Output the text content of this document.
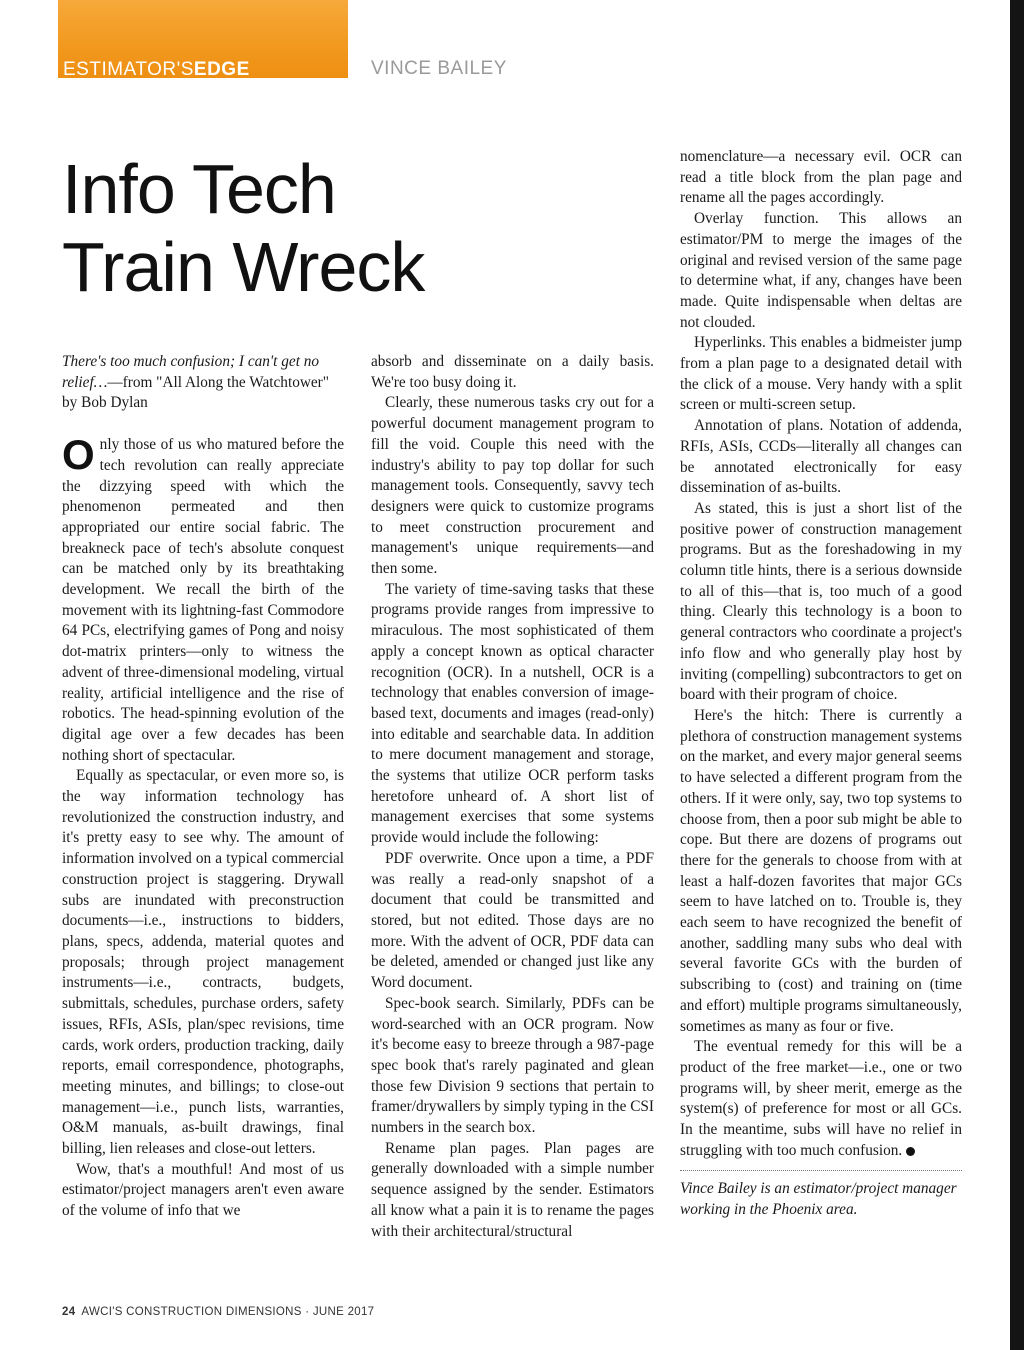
ESTIMATOR'SEDGE	VINCE BAILEY
Info Tech
Train Wreck

There's too much confusion; I can't get no relief…—from "All Along the Watchtower" by Bob Dylan

Only those of us who matured before the tech revolution can really appreciate the dizzying speed with which the phenomenon permeated and then appropriated our entire social fabric. The breakneck pace of tech's absolute conquest can be matched only by its breathtaking development. We recall the birth of the movement with its lightning-fast Commodore 64 PCs, electrifying games of Pong and noisy dot-matrix printers—only to witness the advent of three-dimensional modeling, virtual reality, artificial intelligence and the rise of robotics. The head-spinning evolution of the digital age over a few decades has been nothing short of spectacular.

Equally as spectacular, or even more so, is the way information technology has revolutionized the construction industry, and it's pretty easy to see why. The amount of information involved on a typical commercial construction project is staggering. Drywall subs are inundated with preconstruction documents—i.e., instructions to bidders, plans, specs, addenda, material quotes and proposals; through project management instruments—i.e., contracts, budgets, submittals, schedules, purchase orders, safety issues, RFIs, ASIs, plan/spec revisions, time cards, work orders, production tracking, daily reports, email correspondence, photographs, meeting minutes, and billings; to close-out management—i.e., punch lists, warranties, O&M manuals, as-built drawings, final billing, lien releases and close-out letters.

Wow, that's a mouthful! And most of us estimator/project managers aren't even aware of the volume of info that we

absorb and disseminate on a daily basis. We're too busy doing it.

Clearly, these numerous tasks cry out for a powerful document management program to fill the void. Couple this need with the industry's ability to pay top dollar for such management tools. Consequently, savvy tech designers were quick to customize programs to meet construction procurement and management's unique requirements—and then some.

The variety of time-saving tasks that these programs provide ranges from impressive to miraculous. The most sophisticated of them apply a concept known as optical character recognition (OCR). In a nutshell, OCR is a technology that enables conversion of image-based text, documents and images (read-only) into editable and searchable data. In addition to mere document management and storage, the systems that utilize OCR perform tasks heretofore unheard of. A short list of management exercises that some systems provide would include the following:

PDF overwrite. Once upon a time, a PDF was really a read-only snapshot of a document that could be transmitted and stored, but not edited. Those days are no more. With the advent of OCR, PDF data can be deleted, amended or changed just like any Word document.

Spec-book search. Similarly, PDFs can be word-searched with an OCR program. Now it's become easy to breeze through a 987-page spec book that's rarely paginated and glean those few Division 9 sections that pertain to framer/drywallers by simply typing in the CSI numbers in the search box.

Rename plan pages. Plan pages are generally downloaded with a simple number sequence assigned by the sender. Estimators all know what a pain it is to rename the pages with their architectural/structural

nomenclature—a necessary evil. OCR can read a title block from the plan page and rename all the pages accordingly.

Overlay function. This allows an estimator/PM to merge the images of the original and revised version of the same page to determine what, if any, changes have been made. Quite indispensable when deltas are not clouded.

Hyperlinks. This enables a bidmeister jump from a plan page to a designated detail with the click of a mouse. Very handy with a split screen or multi-screen setup.

Annotation of plans. Notation of addenda, RFIs, ASIs, CCDs—literally all changes can be annotated electronically for easy dissemination of as-builts.

As stated, this is just a short list of the positive power of construction management programs. But as the foreshadowing in my column title hints, there is a serious downside to all of this—that is, too much of a good thing. Clearly this technology is a boon to general contractors who coordinate a project's info flow and who generally play host by inviting (compelling) subcontractors to get on board with their program of choice.

Here's the hitch: There is currently a plethora of construction management systems on the market, and every major general seems to have selected a different program from the others. If it were only, say, two top systems to choose from, then a poor sub might be able to cope. But there are dozens of programs out there for the generals to choose from with at least a half-dozen favorites that major GCs seem to have latched on to. Trouble is, they each seem to have recognized the benefit of another, saddling many subs who deal with several favorite GCs with the burden of subscribing to (cost) and training on (time and effort) multiple programs simultaneously, sometimes as many as four or five.

The eventual remedy for this will be a product of the free market—i.e., one or two programs will, by sheer merit, emerge as the system(s) of preference for most or all GCs. In the meantime, subs will have no relief in struggling with too much confusion.

Vince Bailey is an estimator/project manager working in the Phoenix area.

24 AWCI'S CONSTRUCTION DIMENSIONS · JUNE 2017
